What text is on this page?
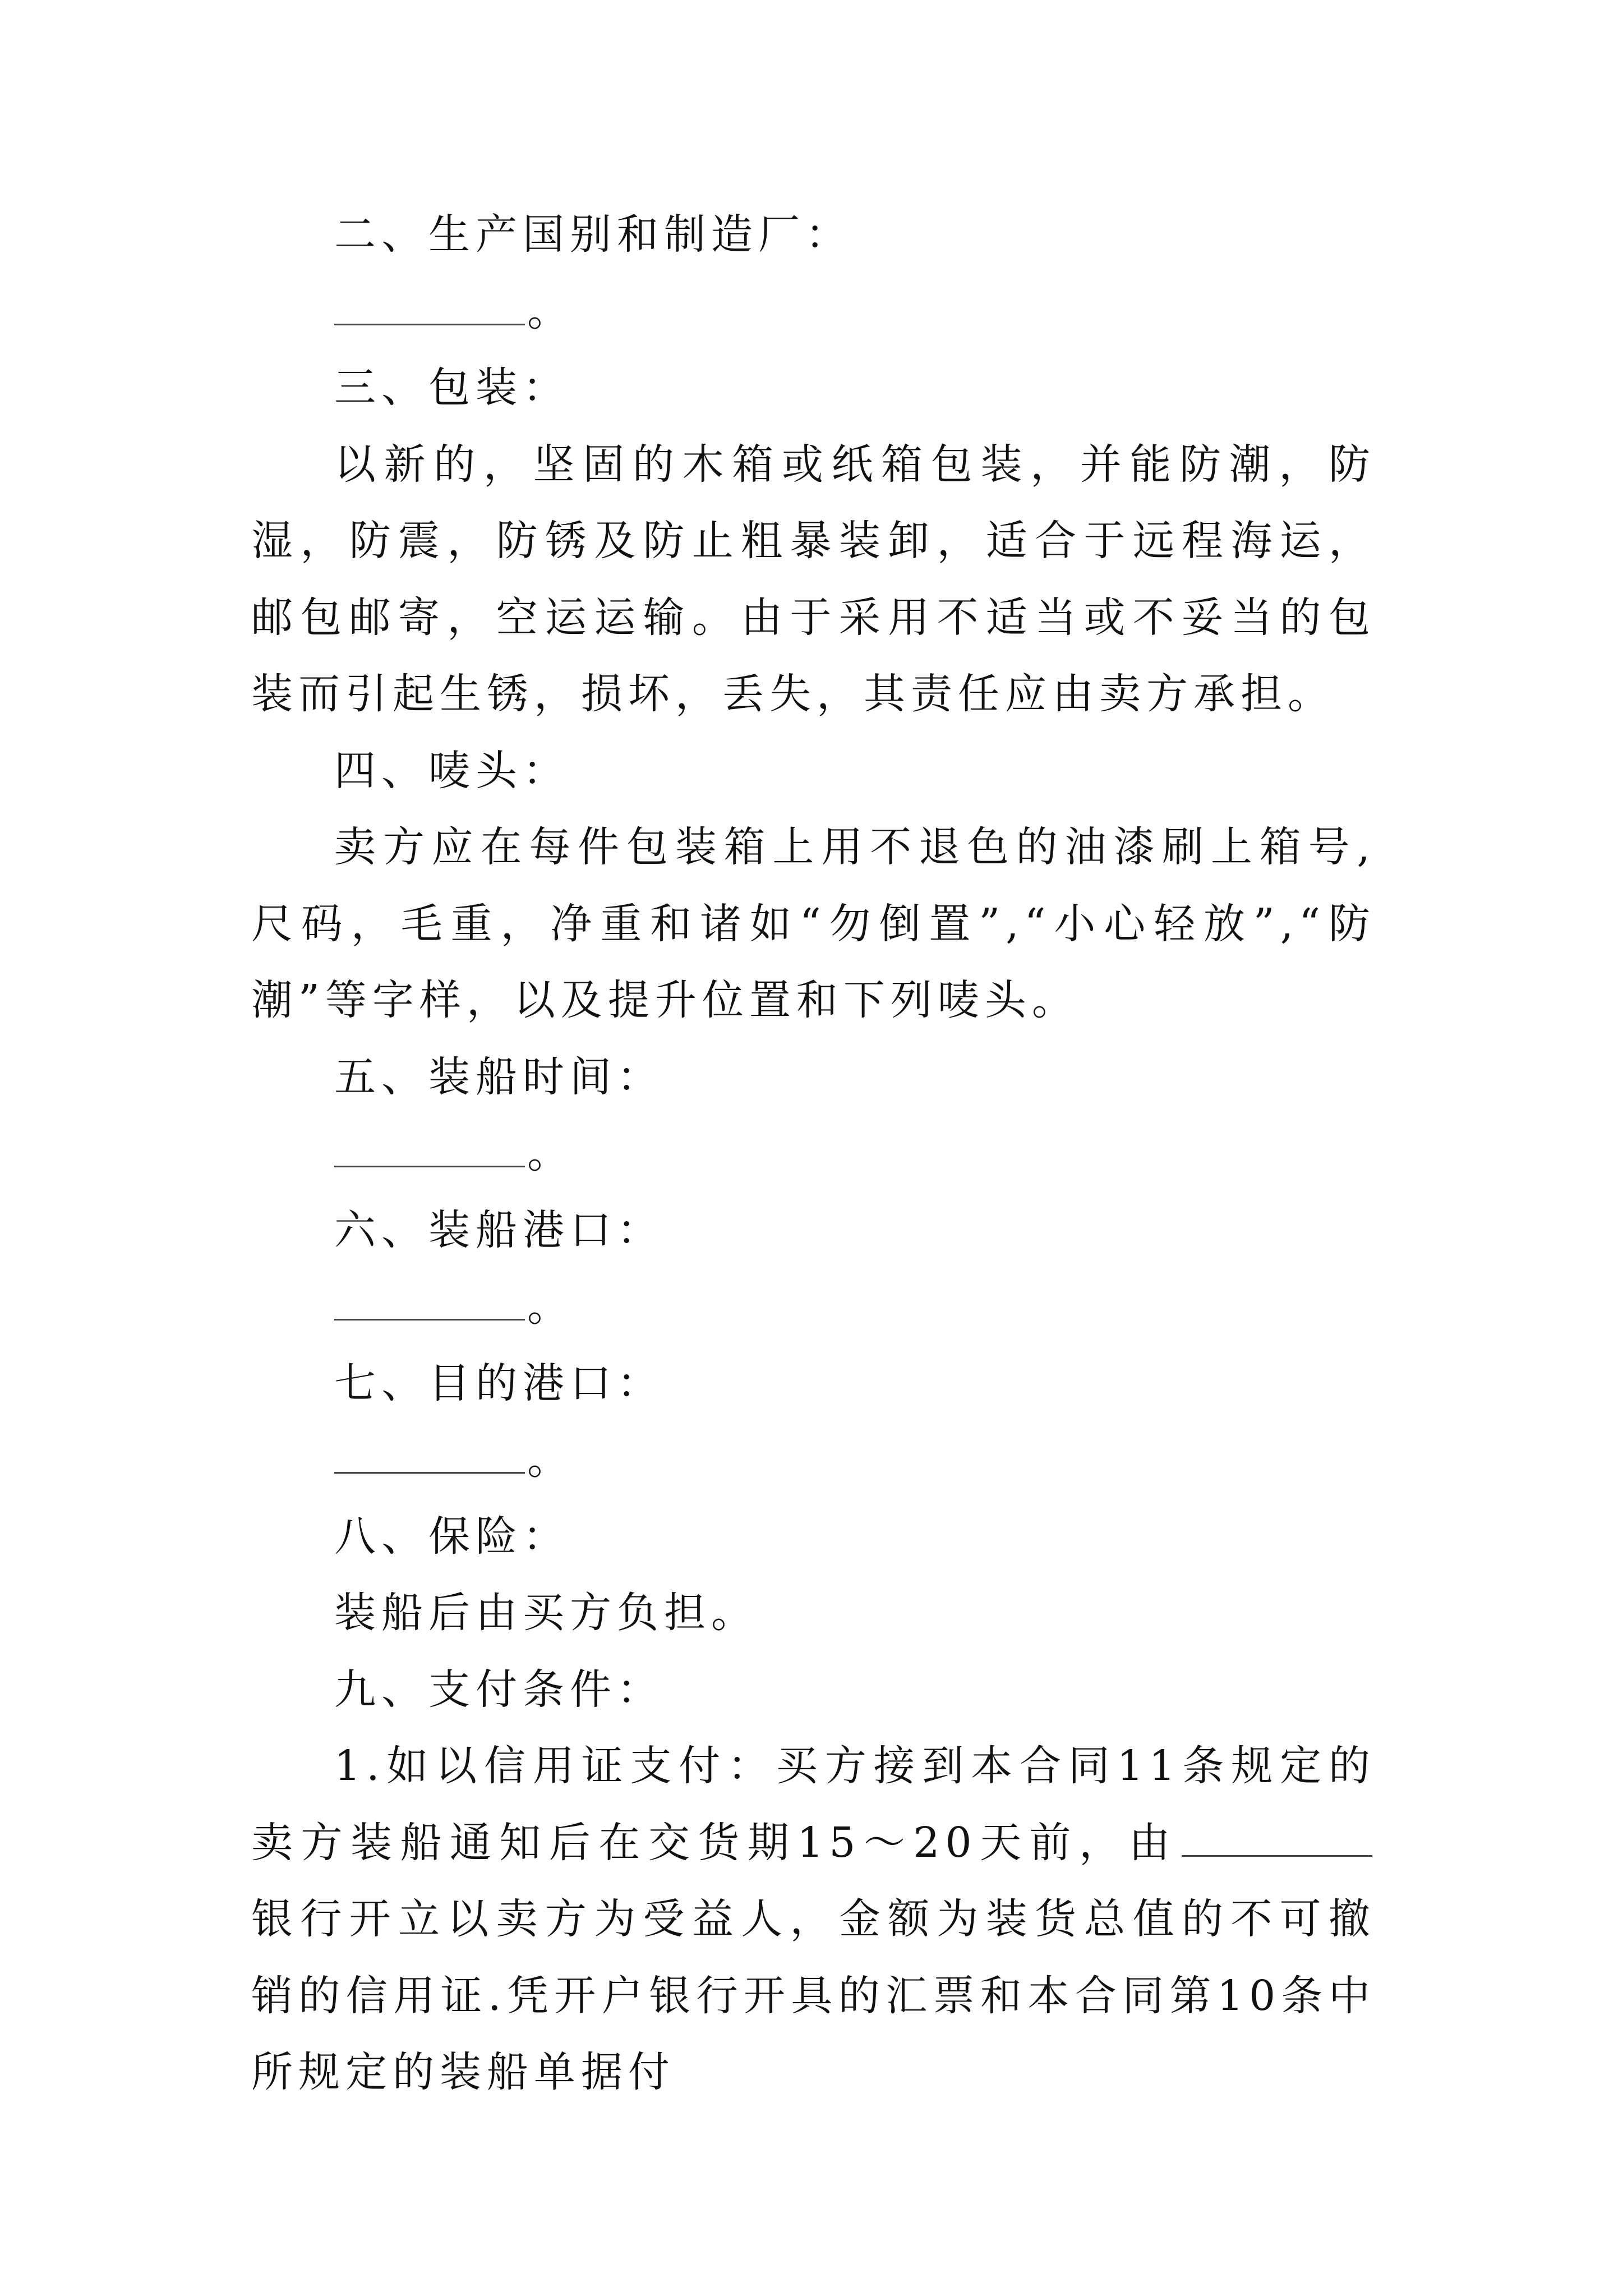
二、生产国别和制造厂：

。

三、包装：

以新的，坚固的木箱或纸箱包装，并能防潮，防湿，防震，防锈及防止粗暴装卸，适合于远程海运，邮包邮寄，空运运输。由于采用不适当或不妥当的包装而引起生锈，损坏，丢失，其责任应由卖方承担。

四、唛头：

卖方应在每件包装箱上用不退色的油漆刷上箱号,尺码，毛重，净重和诸如“勿倒置”,“小心轻放”,“防潮”等字样，以及提升位置和下列唛头。

五、装船时间：

。

六、装船港口：

。

七、目的港口：

。

八、保险：

装船后由买方负担。

九、支付条件：

1.如以信用证支付：买方接到本合同11条规定的卖方装船通知后在交货期15～20天前，由银行开立以卖方为受益人，金额为装货总值的不可撤销的信用证.凭开户银行开具的汇票和本合同第10条中所规定的装船单据付
